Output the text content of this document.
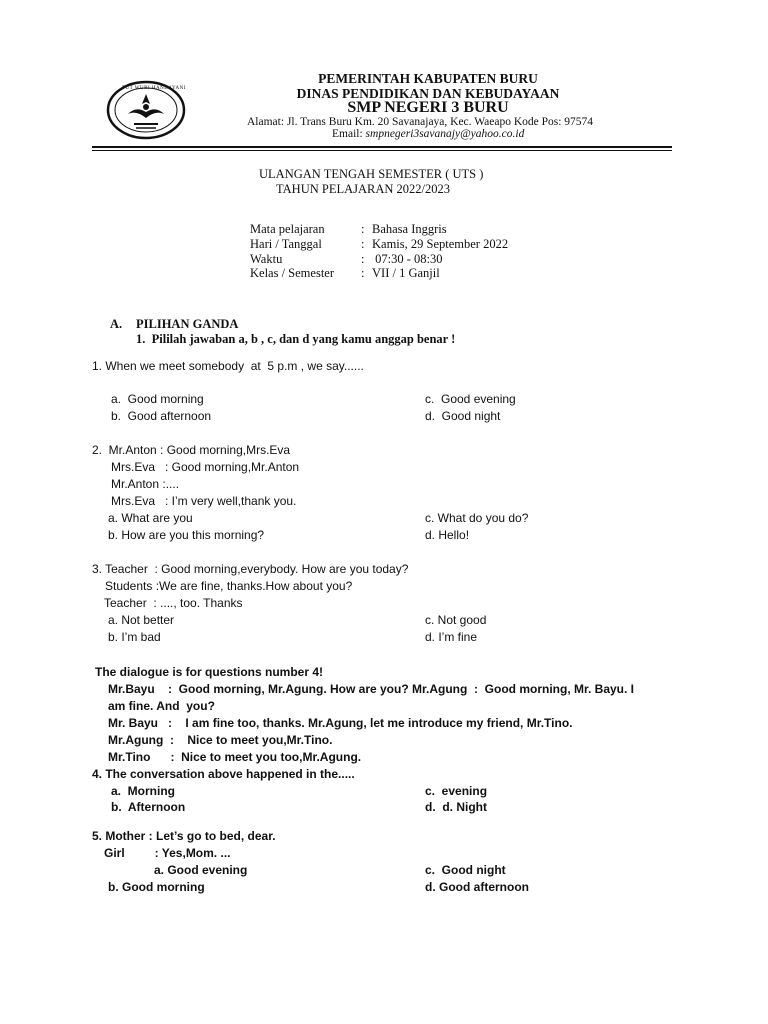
TUT WURI HANDAYANI
PEMERINTAH KABUPATEN BURU
DINAS PENDIDIKAN DAN KEBUDAYAAN
SMP NEGERI 3 BURU
Alamat: Jl. Trans Buru Km. 20 Savanajaya, Kec. Waeapo Kode Pos: 97574
Email: smpnegeri3savanajy@yahoo.co.id
ULANGAN TENGAH SEMESTER ( UTS )
TAHUN PELAJARAN 2022/2023
Mata pelajaran	: Bahasa Inggris
Hari / Tanggal	: Kamis, 29 September 2022
Waktu	: 07:30 - 08:30
Kelas / Semester : VII / 1 Ganjil
A. PILIHAN GANDA
1.  Pililah jawaban a, b , c, dan d yang kamu anggap benar !
1. When we meet somebody  at  5 p.m , we say......
a.  Good morning
b.  Good afternoon
c.  Good evening
d.  Good night
2.  Mr.Anton : Good morning,Mrs.Eva
Mrs.Eva   : Good morning,Mr.Anton
Mr.Anton :....
Mrs.Eva   : I’m very well,thank you.
a. What are you
b. How are you this morning?
c. What do you do?
d. Hello!
3. Teacher  : Good morning,everybody. How are you today?
Students :We are fine, thanks.How about you?
Teacher  : ...., too. Thanks
a. Not better
b. I’m bad
c. Not good
d. I’m fine
The dialogue is for questions number 4!
Mr.Bayu    :  Good morning, Mr.Agung. How are you? Mr.Agung  :  Good morning, Mr. Bayu. I
am fine. And  you?
Mr. Bayu   :    I am fine too, thanks. Mr.Agung, let me introduce my friend, Mr.Tino.
Mr.Agung  :    Nice to meet you,Mr.Tino.
Mr.Tino      :  Nice to meet you too,Mr.Agung.
4. The conversation above happened in the.....
a.  Morning
b.  Afternoon
c.  evening
d.  d. Night
5. Mother : Let’s go to bed, dear.
Girl         : Yes,Mom. ...
a. Good evening
b. Good morning
c.  Good night
d. Good afternoon
